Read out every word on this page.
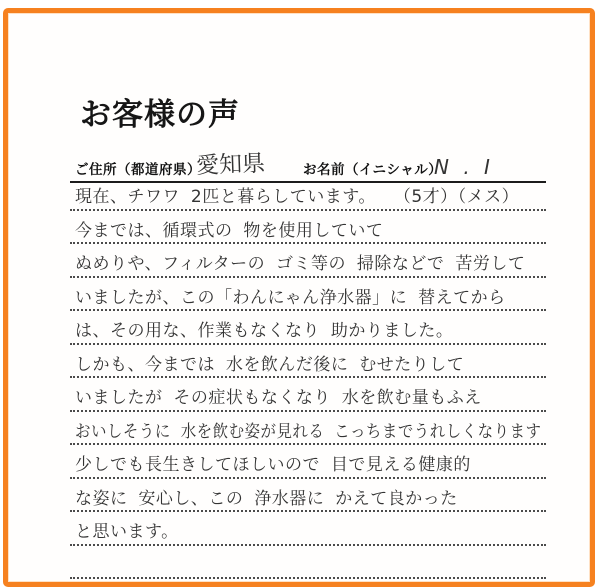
お客様の声
ご住所（都道府県）
愛知県	お名前（イニシャル）
N . I
現在、チワワ 2匹と暮らしています。　　（5才）（メス）
今までは、循環式の 物を使用していて
ぬめりや、フィルターの ゴミ等の 掃除などで 苦労して
いましたが、この「わんにゃん浄水器」に 替えてから
は、その用な、作業もなくなり 助かりました。
しかも、今までは 水を飲んだ後に むせたりして
いましたが その症状もなくなり 水を飲む量もふえ
おいしそうに 水を飲む姿が見れる こっちまでうれしくなります
少しでも長生きしてほしいので 目で見える健康的
な姿に 安心し、この 浄水器に かえて良かった
と思います。
